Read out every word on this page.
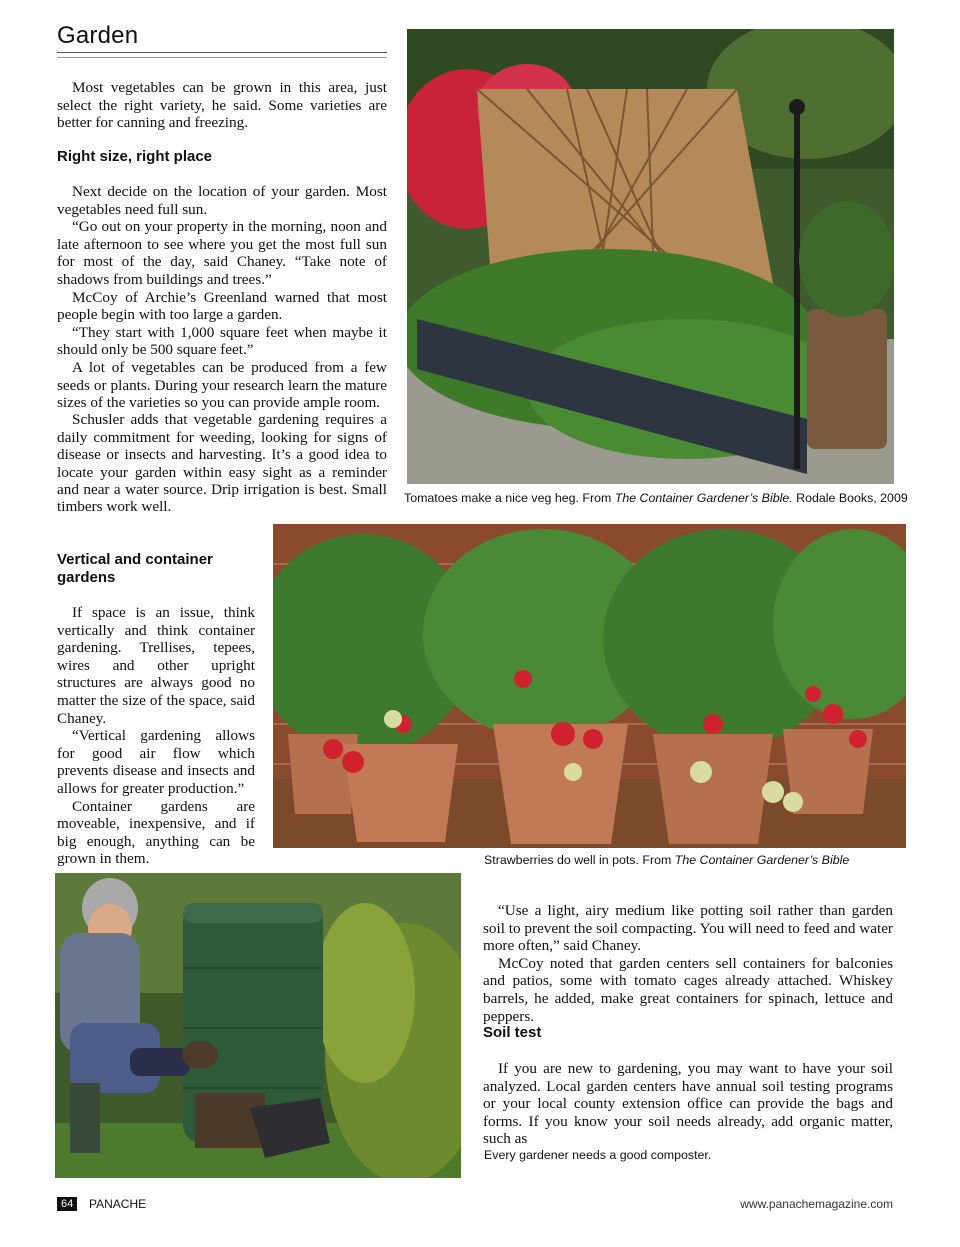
Garden

Most vegetables can be grown in this area, just select the right variety, he said. Some varieties are better for canning and freezing.

Right size, right place

Next decide on the location of your garden. Most vegetables need full sun.

“Go out on your property in the morning, noon and late afternoon to see where you get the most full sun for most of the day, said Chaney. “Take note of shadows from buildings and trees.”

McCoy of Archie’s Greenland warned that most people begin with too large a garden.

“They start with 1,000 square feet when maybe it should only be 500 square feet.”

A lot of vegetables can be produced from a few seeds or plants. During your research learn the mature sizes of the varieties so you can provide ample room.

Schusler adds that vegetable gardening requires a daily commitment for weeding, looking for signs of disease or insects and harvesting. It’s a good idea to locate your garden within easy sight as a reminder and near a water source. Drip irrigation is best. Small

timbers work well.

Vertical and container gardens

If space is an issue, think vertically and think container gardening. Trellises, tepees, wires and other upright structures are always good no matter the size of the space, said Chaney.

“Vertical gardening allows for good air flow which prevents disease and insects and allows for greater production.”

Container gardens are moveable, inexpensive, and if big enough, anything can be grown in them.

Tomatoes make a nice veg heg. From The Container Gardener’s Bible. Rodale Books, 2009
Strawberries do well in pots. From The Container Gardener’s Bible

“Use a light, airy medium like potting soil rather than garden soil to prevent the soil compacting. You will need to feed and water more often,” said Chaney.

McCoy noted that garden centers sell containers for balconies and patios, some with tomato cages already attached. Whiskey barrels, he added, make great containers for spinach, lettuce and peppers.

Soil test

If you are new to gardening, you may want to have your soil analyzed. Local garden centers have annual soil testing programs or your local county extension office can provide the bags and forms. If you know your soil needs already, add organic matter, such as

Every gardener needs a good composter.
64	PANACHE	www.panachemagazine.com
